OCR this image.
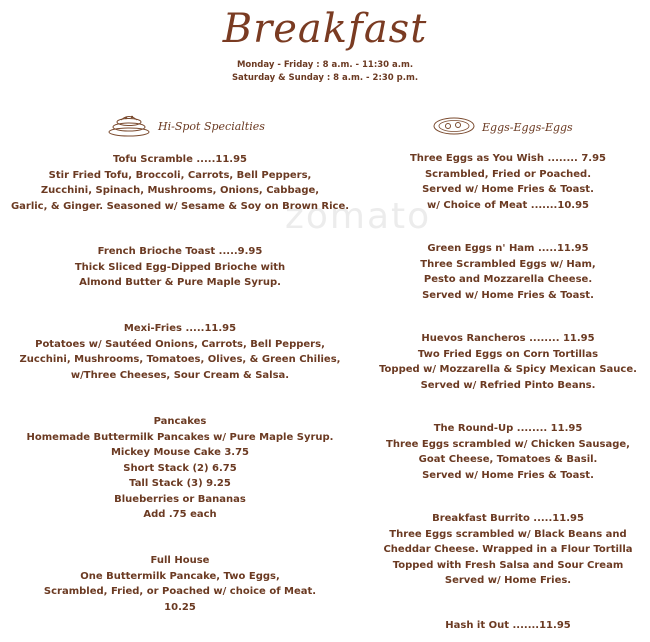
Breakfast
Monday - Friday : 8 a.m. - 11:30 a.m.
Saturday & Sunday : 8 a.m. - 2:30 p.m.
zomato
Hi-Spot Specialties	Eggs-Eggs-Eggs
Tofu Scramble .....11.95
Stir Fried Tofu, Broccoli, Carrots, Bell Peppers,
Zucchini, Spinach, Mushrooms, Onions, Cabbage,
Garlic, & Ginger. Seasoned w/ Sesame & Soy on Brown Rice.
French Brioche Toast .....9.95
Thick Sliced Egg-Dipped Brioche with
Almond Butter & Pure Maple Syrup.
Mexi-Fries .....11.95
Potatoes w/ Sautéed Onions, Carrots, Bell Peppers,
Zucchini, Mushrooms, Tomatoes, Olives, & Green Chilies,
w/Three Cheeses, Sour Cream & Salsa.
Pancakes
Homemade Buttermilk Pancakes w/ Pure Maple Syrup.
Mickey Mouse Cake 3.75
Short Stack (2) 6.75
Tall Stack (3) 9.25
Blueberries or Bananas
Add .75 each
Full House
One Buttermilk Pancake, Two Eggs,
Scrambled, Fried, or Poached w/ choice of Meat.
10.25
Three Eggs as You Wish ........ 7.95
Scrambled, Fried or Poached.
Served w/ Home Fries & Toast.
w/ Choice of Meat .......10.95
Green Eggs n' Ham .....11.95
Three Scrambled Eggs w/ Ham,
Pesto and Mozzarella Cheese.
Served w/ Home Fries & Toast.
Huevos Rancheros ........ 11.95
Two Fried Eggs on Corn Tortillas
Topped w/ Mozzarella & Spicy Mexican Sauce.
Served w/ Refried Pinto Beans.
The Round-Up ........ 11.95
Three Eggs scrambled w/ Chicken Sausage,
Goat Cheese, Tomatoes & Basil.
Served w/ Home Fries & Toast.
Breakfast Burrito .....11.95
Three Eggs scrambled w/ Black Beans and
Cheddar Cheese. Wrapped in a Flour Tortilla
Topped with Fresh Salsa and Sour Cream
Served w/ Home Fries.
Hash it Out .......11.95
